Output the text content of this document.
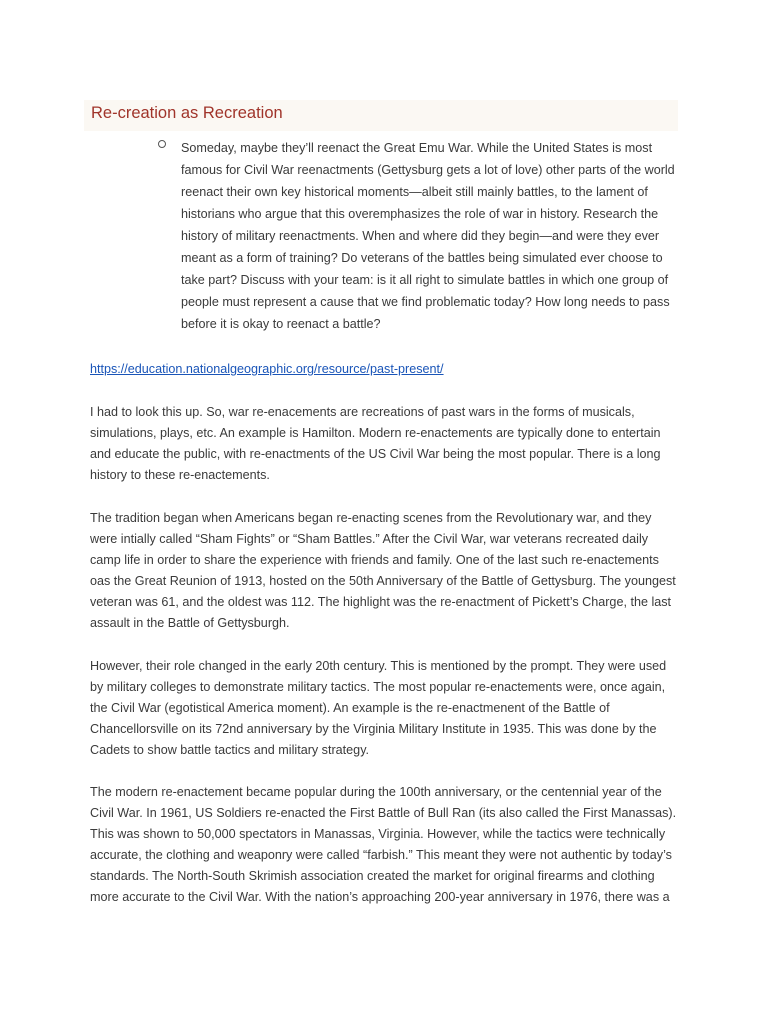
Re-creation as Recreation

Someday, maybe they’ll reenact the Great Emu War. While the United States is most famous for Civil War reenactments (Gettysburg gets a lot of love) other parts of the world reenact their own key historical moments—albeit still mainly battles, to the lament of historians who argue that this overemphasizes the role of war in history. Research the history of military reenactments. When and where did they begin—and were they ever meant as a form of training? Do veterans of the battles being simulated ever choose to take part? Discuss with your team: is it all right to simulate battles in which one group of people must represent a cause that we find problematic today? How long needs to pass before it is okay to reenact a battle?

https://education.nationalgeographic.org/resource/past-present/

I had to look this up. So, war re-enacements are recreations of past wars in the forms of musicals, simulations, plays, etc. An example is Hamilton. Modern re-enactements are typically done to entertain and educate the public, with re-enactments of the US Civil War being the most popular. There is a long history to these re-enactements.

The tradition began when Americans began re-enacting scenes from the Revolutionary war, and they were intially called “Sham Fights” or “Sham Battles.” After the Civil War, war veterans recreated daily camp life in order to share the experience with friends and family. One of the last such re-enactements oas the Great Reunion of 1913, hosted on the 50th Anniversary of the Battle of Gettysburg. The youngest veteran was 61, and the oldest was 112. The highlight was the re-enactment of Pickett’s Charge, the last assault in the Battle of Gettysburgh.

However, their role changed in the early 20th century. This is mentioned by the prompt. They were used by military colleges to demonstrate military tactics. The most popular re-enactements were, once again, the Civil War (egotistical America moment). An example is the re-enactmenent of the Battle of Chancellorsville on its 72nd anniversary by the Virginia Military Institute in 1935. This was done by the Cadets to show battle tactics and military strategy.

The modern re-enactement became popular during the 100th anniversary, or the centennial year of the Civil War. In 1961, US Soldiers re-enacted the First Battle of Bull Ran (its also called the First Manassas). This was shown to 50,000 spectators in Manassas, Virginia. However, while the tactics were technically accurate, the clothing and weaponry were called “farbish.” This meant they were not authentic by today’s standards. The North-South Skrimish association created the market for original firearms and clothing more accurate to the Civil War. With the nation’s approaching 200-year anniversary in 1976, there was a
